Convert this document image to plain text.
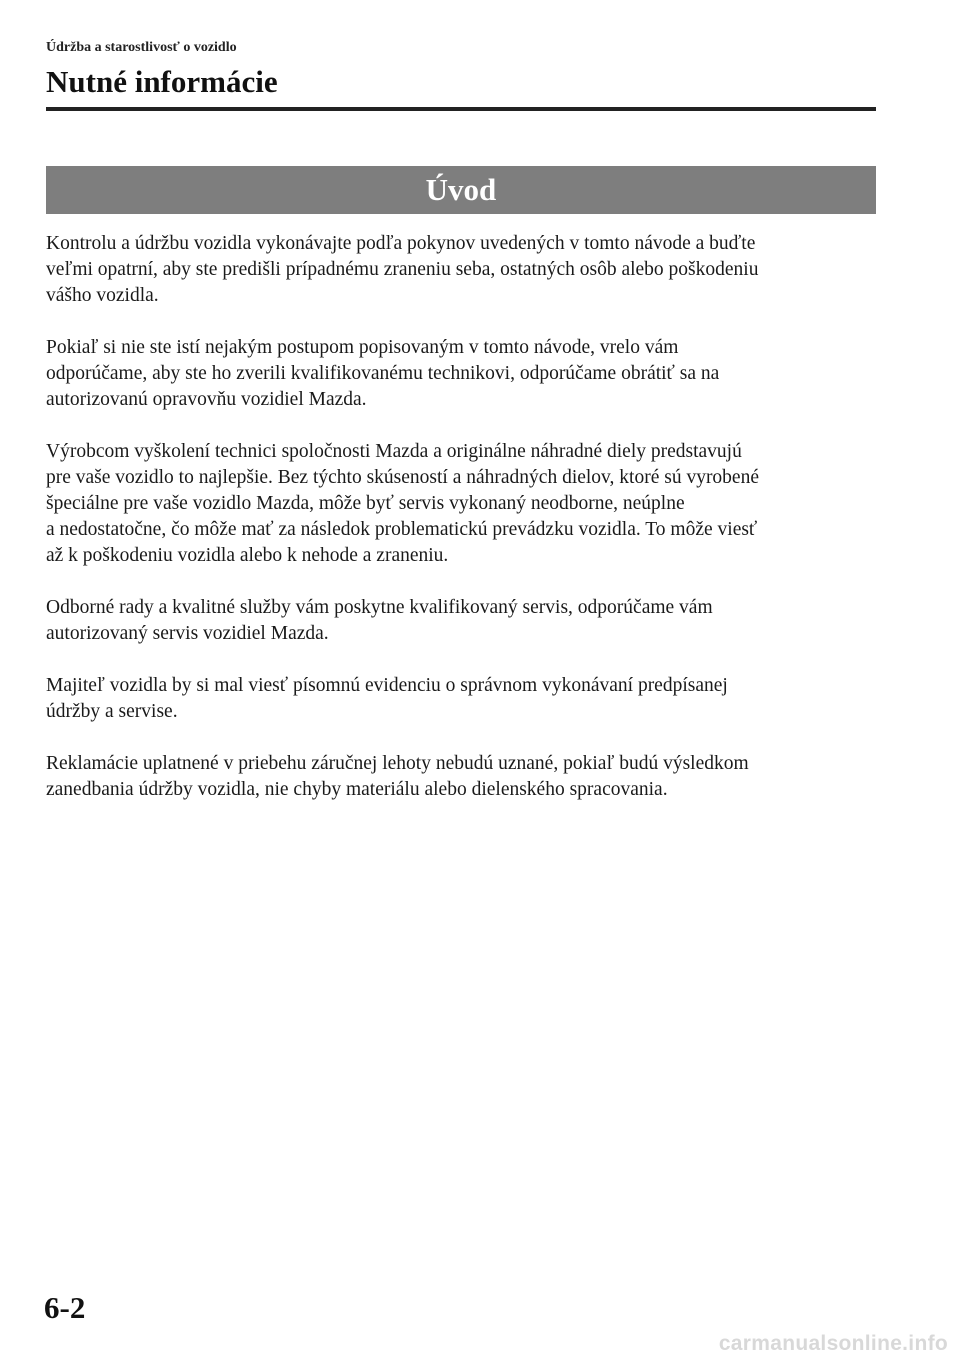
Údržba a starostlivosť o vozidlo
Nutné informácie
Úvod

Kontrolu a údržbu vozidla vykonávajte podľa pokynov uvedených v tomto návode a buďte
veľmi opatrní, aby ste predišli prípadnému zraneniu seba, ostatných osôb alebo poškodeniu
vášho vozidla.

Pokiaľ si nie ste istí nejakým postupom popisovaným v tomto návode, vrelo vám
odporúčame, aby ste ho zverili kvalifikovanému technikovi, odporúčame obrátiť sa na
autorizovanú opravovňu vozidiel Mazda.

Výrobcom vyškolení technici spoločnosti Mazda a originálne náhradné diely predstavujú
pre vaše vozidlo to najlepšie. Bez týchto skúseností a náhradných dielov, ktoré sú vyrobené
špeciálne pre vaše vozidlo Mazda, môže byť servis vykonaný neodborne, neúplne
a nedostatočne, čo môže mať za následok problematickú prevádzku vozidla. To môže viesť
až k poškodeniu vozidla alebo k nehode a zraneniu.

Odborné rady a kvalitné služby vám poskytne kvalifikovaný servis, odporúčame vám
autorizovaný servis vozidiel Mazda.

Majiteľ vozidla by si mal viesť písomnú evidenciu o správnom vykonávaní predpísanej
údržby a servise.

Reklamácie uplatnené v priebehu záručnej lehoty nebudú uznané, pokiaľ budú výsledkom
zanedbania údržby vozidla, nie chyby materiálu alebo dielenského spracovania.

6-2
carmanualsonline.info
